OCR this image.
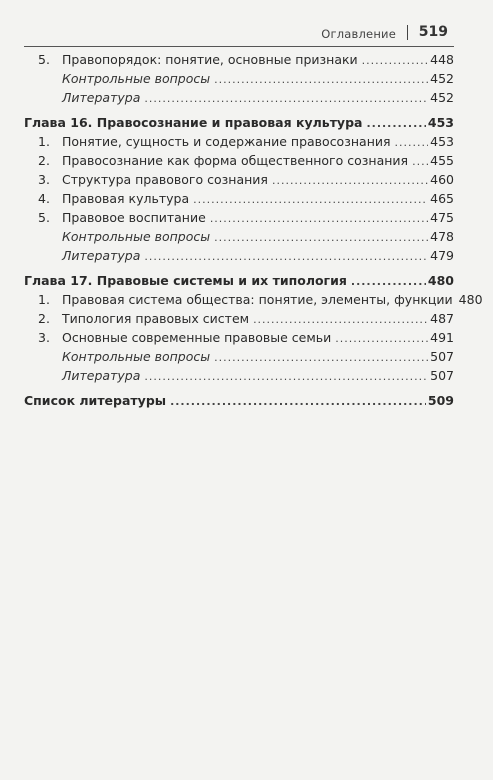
Оглавление 519
5. Правопорядок: понятие, основные признаки .....	448
Контрольные вопросы .....	452
Литература .....	452
Глава 16. Правосознание и правовая культура .....	453
1. Понятие, сущность и содержание правосознания .....	453
2. Правосознание как форма общественного сознания ..... 455
3. Структура правового сознания .....	460
4. Правовая культура .....	465
5. Правовое воспитание .....	475
Контрольные вопросы .....	478
Литература .....	479
Глава 17. Правовые системы и их типология .....	480
1. Правовая система общества: понятие, элементы, функции 480
2. Типология правовых систем .....	487
3. Основные современные правовые семьи .....	491
Контрольные вопросы .....	507
Литература .....	507
Список литературы .....	509
